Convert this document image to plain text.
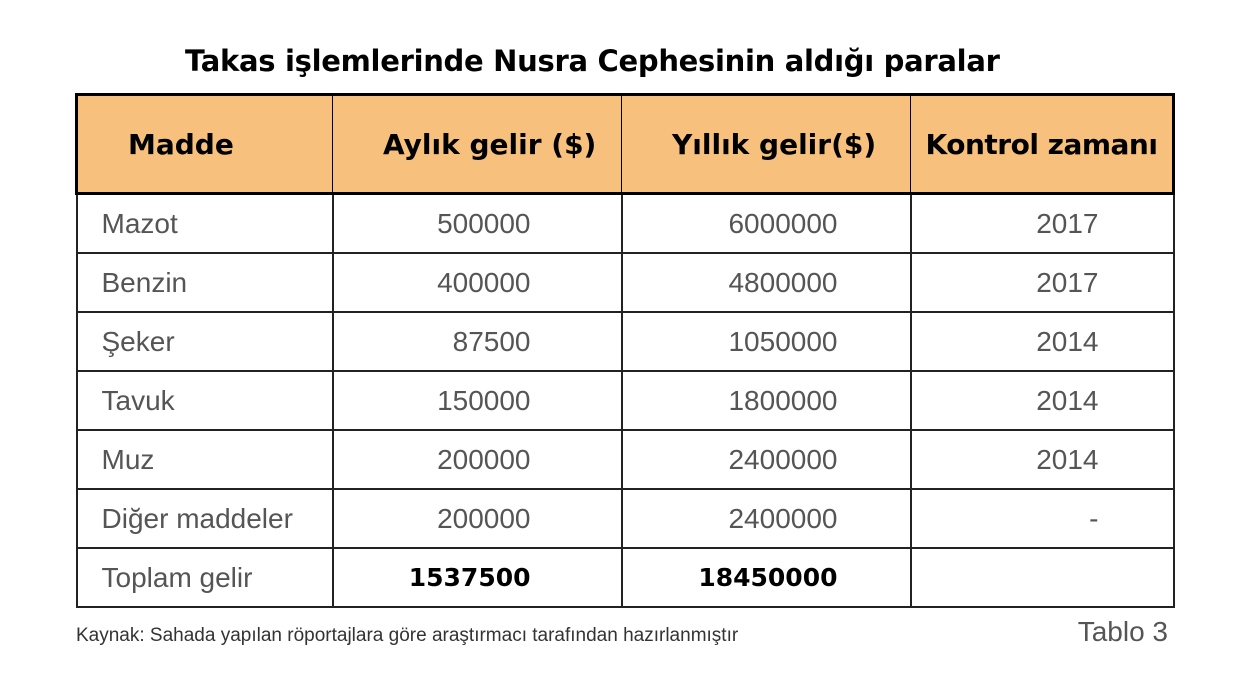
Takas işlemlerinde Nusra Cephesinin aldığı paralar
Madde	Aylık gelir ($)	Yıllık gelir($)	Kontrol zamanı
Mazot	500000	6000000	2017
Benzin	400000	4800000	2017
Şeker	87500	1050000	2014
Tavuk	150000	1800000	2014
Muz	200000	2400000	2014
Diğer maddeler	200000	2400000	-
Toplam gelir	1537500	18450000	
Kaynak: Sahada yapılan röportajlara göre araştırmacı tarafından hazırlanmıştır	Tablo 3
